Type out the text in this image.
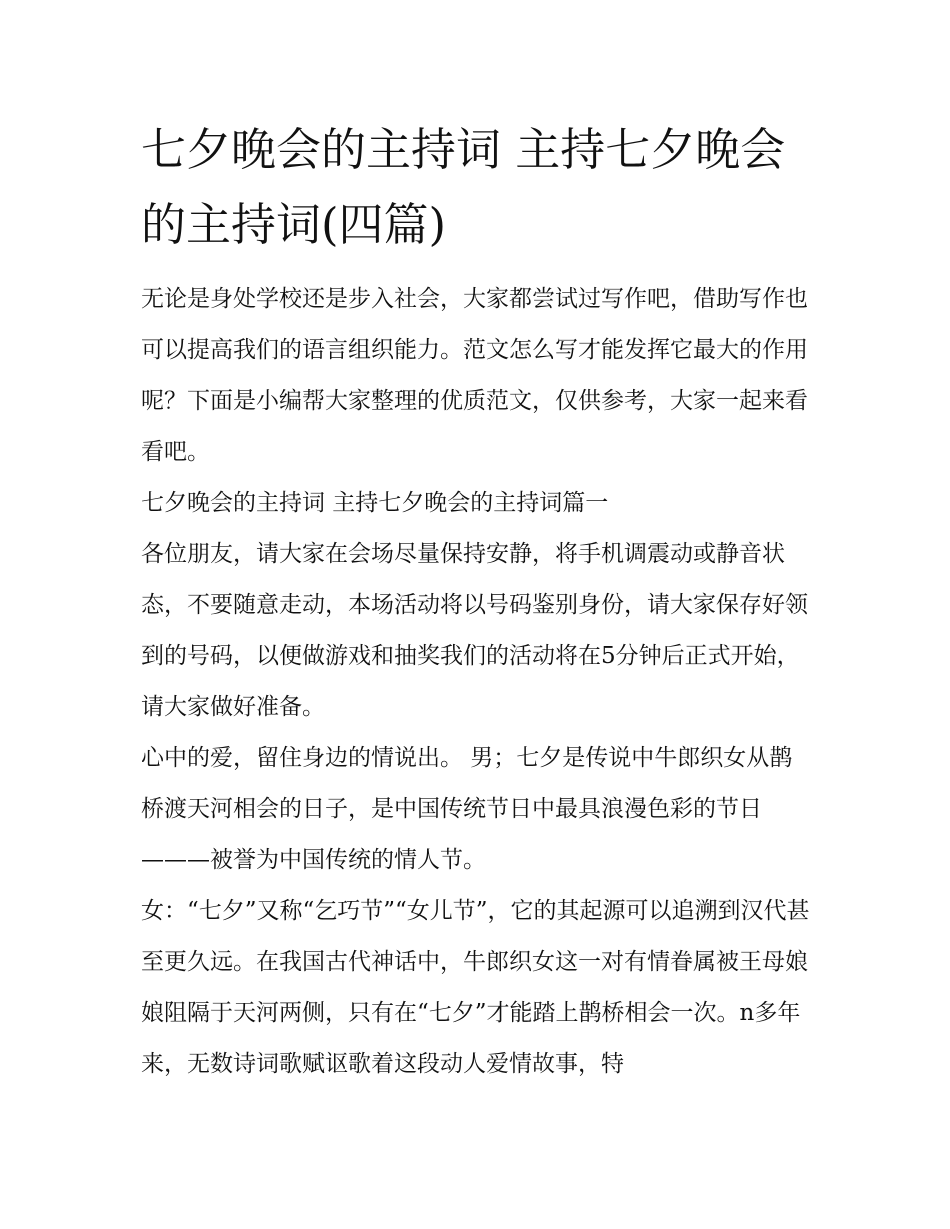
七夕晚会的主持词 主持七夕晚会的主持词(四篇)

无论是身处学校还是步入社会，大家都尝试过写作吧，借助写作也可以提高我们的语言组织能力。范文怎么写才能发挥它最大的作用呢？下面是小编帮大家整理的优质范文，仅供参考，大家一起来看看吧。

七夕晚会的主持词 主持七夕晚会的主持词篇一

各位朋友，请大家在会场尽量保持安静，将手机调震动或静音状态，不要随意走动，本场活动将以号码鉴别身份，请大家保存好领到的号码，以便做游戏和抽奖我们的活动将在5分钟后正式开始，请大家做好准备。

心中的爱，留住身边的情说出。 男；七夕是传说中牛郎织女从鹊桥渡天河相会的日子，是中国传统节日中最具浪漫色彩的节日———被誉为中国传统的情人节。

女：“七夕”又称“乞巧节”“女儿节”，它的其起源可以追溯到汉代甚至更久远。在我国古代神话中，牛郎织女这一对有情眷属被王母娘娘阻隔于天河两侧，只有在“七夕”才能踏上鹊桥相会一次。n多年来，无数诗词歌赋讴歌着这段动人爱情故事，特
